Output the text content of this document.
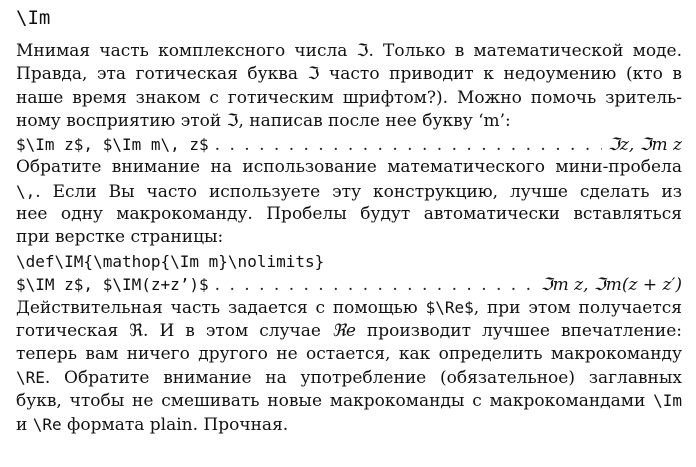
\Im
Мнимая часть комплексного числа ℑ. Только в математической моде.
Правда, эта готическая буква ℑ часто приводит к недоумению (кто в
наше время знаком с готическим шрифтом?). Можно помочь зритель-
ному восприятию этой ℑ, написав после нее букву ‘m’:
$\Im z$, $\Im m\, z$ . . .	ℑz, ℑm z
Обратите внимание на использование математического мини-пробела
\,. Если Вы часто используете эту конструкцию, лучше сделать из
нее одну макрокоманду. Пробелы будут автоматически вставляться
при верстке страницы:
\def\IM{\mathop{\Im m}\nolimits}
$\IM z$, $\IM(z+z’)$ . . .	ℑm z, ℑm(z + z′)
Действительная часть задается с помощью $\Re$, при этом получается
готическая ℜ. И в этом случае ℜe производит лучшее впечатление:
теперь вам ничего другого не остается, как определить макрокоманду
\RE. Обратите внимание на употребление (обязательное) заглавных
букв, чтобы не смешивать новые макрокоманды с макрокомандами \Im
и \Re формата plain. Прочная.
